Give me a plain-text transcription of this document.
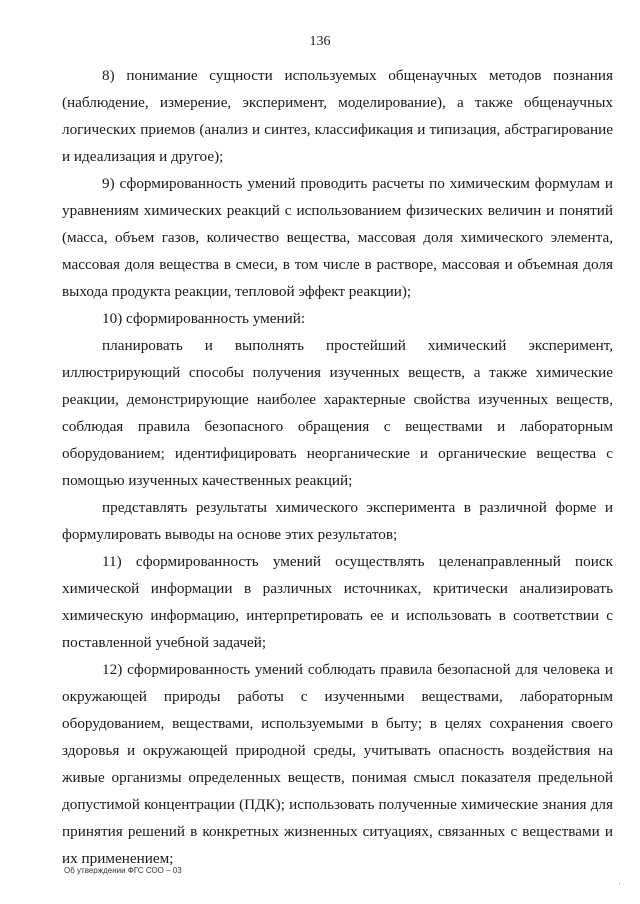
136

8) понимание сущности используемых общенаучных методов познания (наблюдение, измерение, эксперимент, моделирование), а также общенаучных логических приемов (анализ и синтез, классификация и типизация, абстрагирование и идеализация и другое);

9) сформированность умений проводить расчеты по химическим формулам и уравнениям химических реакций с использованием физических величин и понятий (масса, объем газов, количество вещества, массовая доля химического элемента, массовая доля вещества в смеси, в том числе в растворе, массовая и объемная доля выхода продукта реакции, тепловой эффект реакции);

10) сформированность умений:

планировать и выполнять простейший химический эксперимент, иллюстрирующий способы получения изученных веществ, а также химические реакции, демонстрирующие наиболее характерные свойства изученных веществ, соблюдая правила безопасного обращения с веществами и лабораторным оборудованием; идентифицировать неорганические и органические вещества с помощью изученных качественных реакций;

представлять результаты химического эксперимента в различной форме и формулировать выводы на основе этих результатов;

11) сформированность умений осуществлять целенаправленный поиск химической информации в различных источниках, критически анализировать химическую информацию, интерпретировать ее и использовать в соответствии с поставленной учебной задачей;

12) сформированность умений соблюдать правила безопасной для человека и окружающей природы работы с изученными веществами, лабораторным оборудованием, веществами, используемыми в быту; в целях сохранения своего здоровья и окружающей природной среды, учитывать опасность воздействия на живые организмы определенных веществ, понимая смысл показателя предельной допустимой концентрации (ПДК); использовать полученные химические знания для принятия решений в конкретных жизненных ситуациях, связанных с веществами и их применением;

Об утверждении ФГС СОО – 03
·
